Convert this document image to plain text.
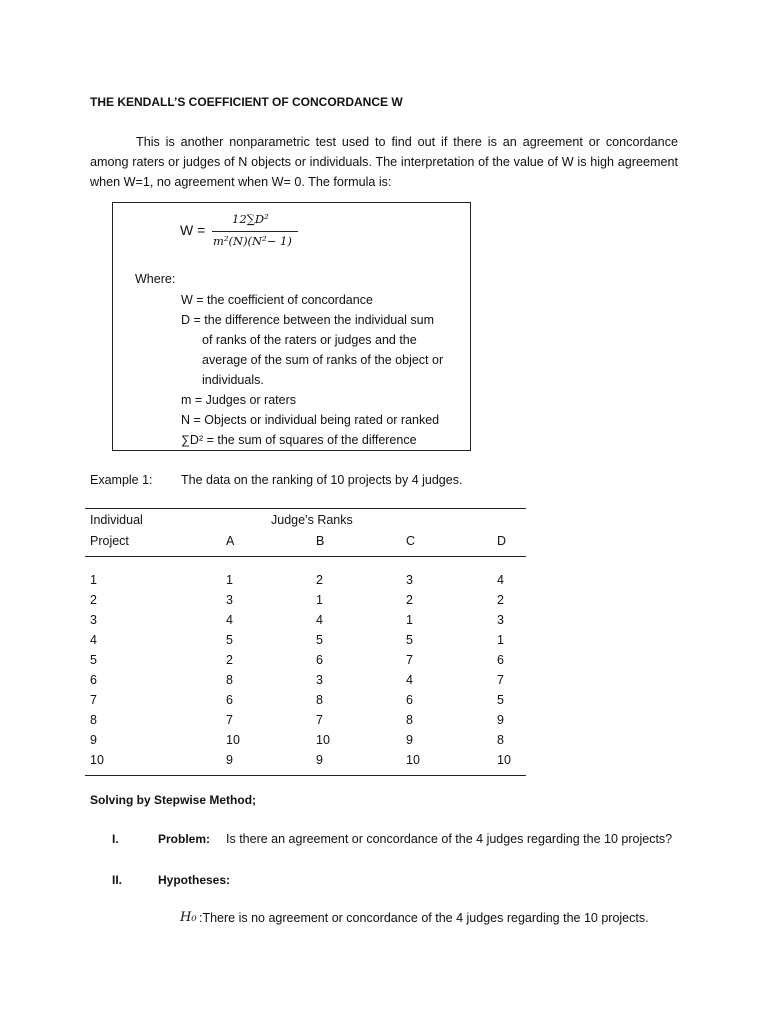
THE KENDALL’S COEFFICIENT OF CONCORDANCE W

This is another nonparametric test used to find out if there is an agreement or concordance among raters or judges of N objects or individuals. The interpretation of the value of W is high agreement when W=1, no agreement when W= 0. The formula is:

W =
12∑D²
m²(N)(N²− 1)
Where:
W = the coefficient of concordance
D = the difference between the individual sum
of ranks of the raters or judges and the
average of the sum of ranks of the object or
individuals.
m = Judges or raters
N = Objects or individual being rated or ranked
∑D² = the sum of squares of the difference
Example 1: The data on the ranking of 10 projects by 4 judges.
Individual	Judge’s Ranks
Project	A	B	C	D
1	1	2	3	4
2	3	1	2	2
3	4	4	1	3
4	5	5	5	1
5	2	6	7	6
6	8	3	4	7
7	6	8	6	5
8	7	7	8	9
9	10	10	9	8
10	9	9	10	10
Solving by Stepwise Method;
I.	Problem: Is there an agreement or concordance of the 4 judges regarding the 10 projects?
II.	Hypotheses:
H₀ :There is no agreement or concordance of the 4 judges regarding the 10 projects.
